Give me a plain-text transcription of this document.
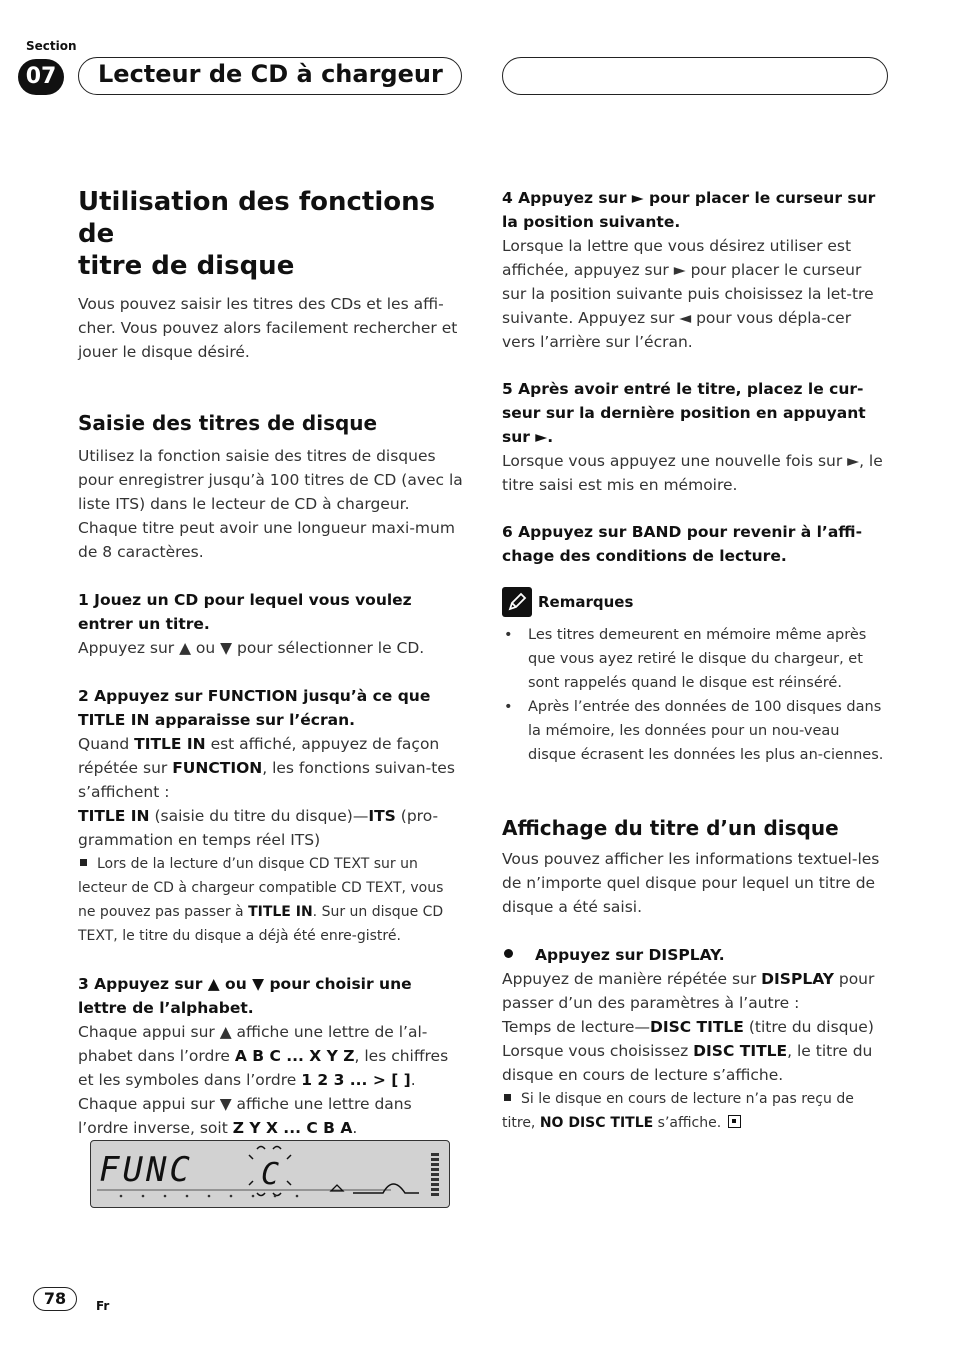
Section
07	Lecteur de CD à chargeur
Utilisation des fonctions de
titre de disque

Vous pouvez saisir les titres des CDs et les affi-cher. Vous pouvez alors facilement rechercher et jouer le disque désiré.

Saisie des titres de disque

Utilisez la fonction saisie des titres de disques pour enregistrer jusqu’à 100 titres de CD (avec la liste ITS) dans le lecteur de CD à chargeur. Chaque titre peut avoir une longueur maxi-mum de 8 caractères.

1 Jouez un CD pour lequel vous voulez entrer un titre.

Appuyez sur ▲ ou ▼ pour sélectionner le CD.

2 Appuyez sur FUNCTION jusqu’à ce que TITLE IN apparaisse sur l’écran.

Quand TITLE IN est affiché, appuyez de façon répétée sur FUNCTION, les fonctions suivan-tes s’affichent :

TITLE IN (saisie du titre du disque)—ITS (pro-grammation en temps réel ITS)

Lors de la lecture d’un disque CD TEXT sur un lecteur de CD à chargeur compatible CD TEXT, vous ne pouvez pas passer à TITLE IN. Sur un disque CD TEXT, le titre du disque a déjà été enre-gistré.

3 Appuyez sur ▲ ou ▼ pour choisir une lettre de l’alphabet.

Chaque appui sur ▲ affiche une lettre de l’al-phabet dans l’ordre A B C ... X Y Z, les chiffres et les symboles dans l’ordre 1 2 3 ... > [ ]. Chaque appui sur ▼ affiche une lettre dans l’ordre inverse, soit Z Y X ... C B A.

FUNC C
4 Appuyez sur ► pour placer le curseur sur la position suivante.

Lorsque la lettre que vous désirez utiliser est affichée, appuyez sur ► pour placer le curseur sur la position suivante puis choisissez la let-tre suivante. Appuyez sur ◄ pour vous dépla-cer vers l’arrière sur l’écran.

5 Après avoir entré le titre, placez le cur-seur sur la dernière position en appuyant sur ►.

Lorsque vous appuyez une nouvelle fois sur ►, le titre saisi est mis en mémoire.

6 Appuyez sur BAND pour revenir à l’affi-chage des conditions de lecture.
Remarques
• Les titres demeurent en mémoire même après que vous ayez retiré le disque du chargeur, et sont rappelés quand le disque est réinséré.
• Après l’entrée des données de 100 disques dans la mémoire, les données pour un nou-veau disque écrasent les données les plus an-ciennes.
Affichage du titre d’un disque

Vous pouvez afficher les informations textuel-les de n’importe quel disque pour lequel un titre de disque a été saisi.

Appuyez sur DISPLAY.

Appuyez de manière répétée sur DISPLAY pour passer d’un des paramètres à l’autre :
Temps de lecture—DISC TITLE (titre du disque)

Lorsque vous choisissez DISC TITLE, le titre du disque en cours de lecture s’affiche.

Si le disque en cours de lecture n’a pas reçu de titre, NO DISC TITLE s’affiche.

78	Fr
